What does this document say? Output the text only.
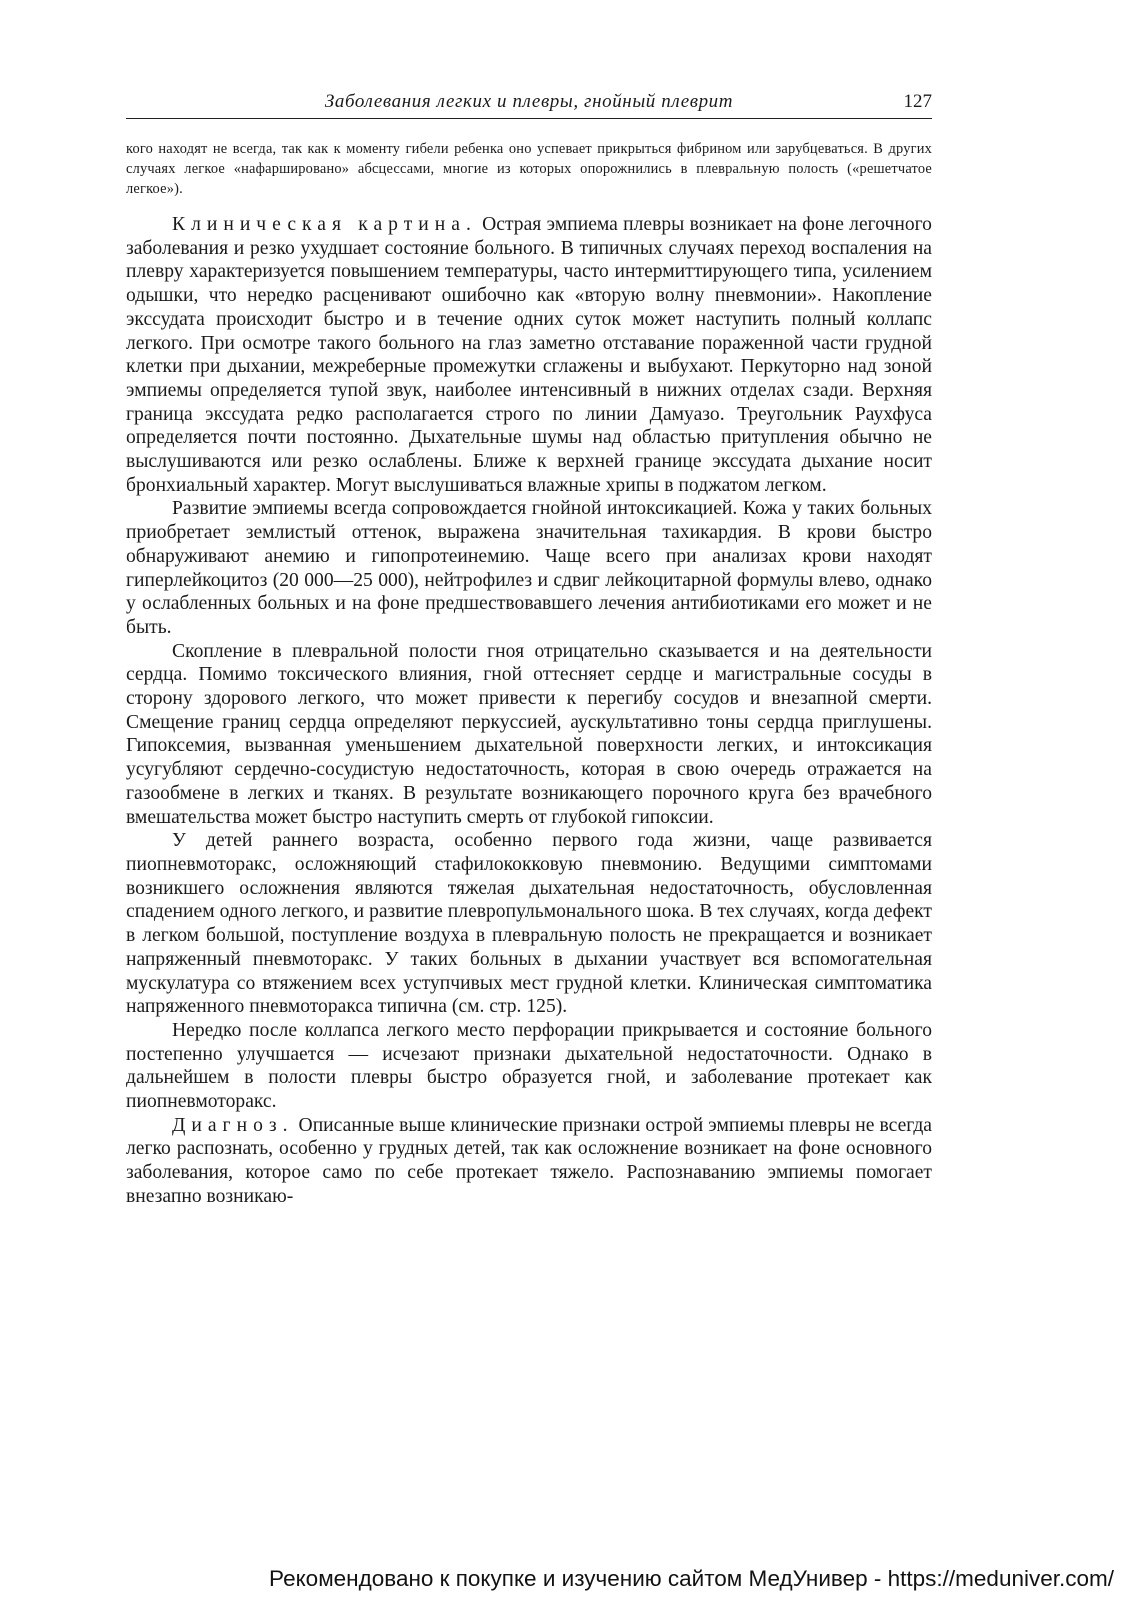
Заболевания легких и плевры, гнойный плеврит	127
кого находят не всегда, так как к моменту гибели ребенка оно успевает прикрыться фибрином или зарубцеваться. В других случаях легкое «нафаршировано» абсцессами, многие из которых опорожнились в плевральную полость («решетчатое легкое»).

Клиническая картина. Острая эмпиема плевры возникает на фоне легочного заболевания и резко ухудшает состояние больного. В типичных случаях переход воспаления на плевру характеризуется повышением температуры, часто интермиттирующего типа, усилением одышки, что нередко расценивают ошибочно как «вторую волну пневмонии». Накопление экссудата происходит быстро и в течение одних суток может наступить полный коллапс легкого. При осмотре такого больного на глаз заметно отставание пораженной части грудной клетки при дыхании, межреберные промежутки сглажены и выбухают. Перкуторно над зоной эмпиемы определяется тупой звук, наиболее интенсивный в нижних отделах сзади. Верхняя граница экссудата редко располагается строго по линии Дамуазо. Треугольник Раухфуса определяется почти постоянно. Дыхательные шумы над областью притупления обычно не выслушиваются или резко ослаблены. Ближе к верхней границе экссудата дыхание носит бронхиальный характер. Могут выслушиваться влажные хрипы в поджатом легком.

Развитие эмпиемы всегда сопровождается гнойной интоксикацией. Кожа у таких больных приобретает землистый оттенок, выражена значительная тахикардия. В крови быстро обнаруживают анемию и гипопротеинемию. Чаще всего при анализах крови находят гиперлейкоцитоз (20 000—25 000), нейтрофилез и сдвиг лейкоцитарной формулы влево, однако у ослабленных больных и на фоне предшествовавшего лечения антибиотиками его может и не быть.

Скопление в плевральной полости гноя отрицательно сказывается и на деятельности сердца. Помимо токсического влияния, гной оттесняет сердце и магистральные сосуды в сторону здорового легкого, что может привести к перегибу сосудов и внезапной смерти. Смещение границ сердца определяют перкуссией, аускультативно тоны сердца приглушены. Гипоксемия, вызванная уменьшением дыхательной поверхности легких, и интоксикация усугубляют сердечно-сосудистую недостаточность, которая в свою очередь отражается на газообмене в легких и тканях. В результате возникающего порочного круга без врачебного вмешательства может быстро наступить смерть от глубокой гипоксии.

У детей раннего возраста, особенно первого года жизни, чаще развивается пиопневмоторакс, осложняющий стафилококковую пневмонию. Ведущими симптомами возникшего осложнения являются тяжелая дыхательная недостаточность, обусловленная спадением одного легкого, и развитие плевропульмонального шока. В тех случаях, когда дефект в легком большой, поступление воздуха в плевральную полость не прекращается и возникает напряженный пневмоторакс. У таких больных в дыхании участвует вся вспомогательная мускулатура со втяжением всех уступчивых мест грудной клетки. Клиническая симптоматика напряженного пневмоторакса типична (см. стр. 125).

Нередко после коллапса легкого место перфорации прикрывается и состояние больного постепенно улучшается — исчезают признаки дыхательной недостаточности. Однако в дальнейшем в полости плевры быстро образуется гной, и заболевание протекает как пиопневмоторакс.

Диагноз. Описанные выше клинические признаки острой эмпиемы плевры не всегда легко распознать, особенно у грудных детей, так как осложнение возникает на фоне основного заболевания, которое само по себе протекает тяжело. Распознаванию эмпиемы помогает внезапно возникаю-

Рекомендовано к покупке и изучению сайтом МедУнивер - https://meduniver.com/
